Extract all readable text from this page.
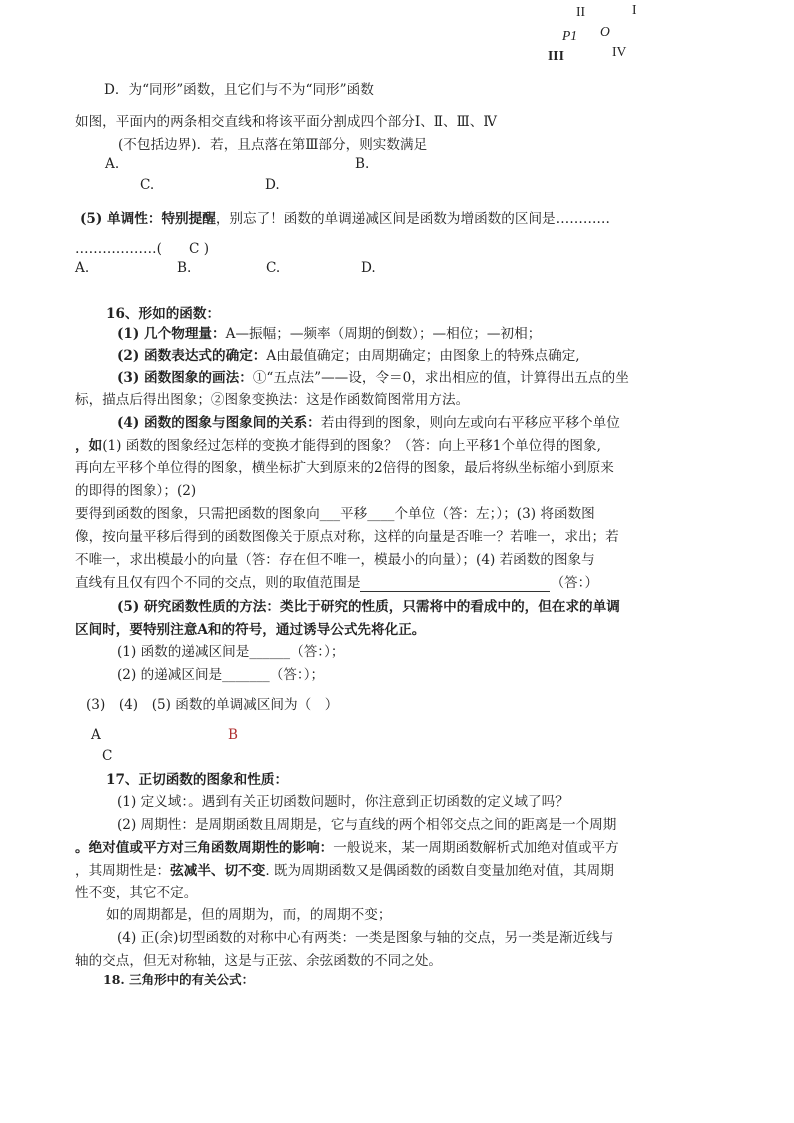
II	I
P1 O
III	IV
D．为“同形”函数，且它们与不为“同形”函数
如图，平面内的两条相交直线和将该平面分割成四个部分Ⅰ、Ⅱ、Ⅲ、Ⅳ
(不包括边界)．若，且点落在第Ⅲ部分，则实数满足
A.	B.
C.	D.
(5) 单调性：特别提醒，别忘了！函数的单调递减区间是函数为增函数的区间是…………
………………(　　C )
A.	B.	C.	D.
16、形如的函数：
(1) 几个物理量：A—振幅；—频率（周期的倒数）；—相位；—初相；
(2) 函数表达式的确定：A由最值确定；由周期确定；由图象上的特殊点确定,
(3) 函数图象的画法：①“五点法”——设，令＝0，求出相应的值，计算得出五点的坐
标，描点后得出图象；②图象变换法：这是作函数简图常用方法。
(4) 函数的图象与图象间的关系：若由得到的图象，则向左或向右平移应平移个单位
，如(1) 函数的图象经过怎样的变换才能得到的图象？（答：向上平移1个单位得的图象,
再向左平移个单位得的图象，横坐标扩大到原来的2倍得的图象，最后将纵坐标缩小到原来
的即得的图象）；(2)
要得到函数的图象，只需把函数的图象向___平移____个单位（答：左；）；(3) 将函数图
像，按向量平移后得到的函数图像关于原点对称，这样的向量是否唯一？若唯一，求出；若
不唯一，求出模最小的向量（答：存在但不唯一，模最小的向量）；(4) 若函数的图象与
直线有且仅有四个不同的交点，则的取值范围是	（答：）
(5) 研究函数性质的方法：类比于研究的性质，只需将中的看成中的，但在求的单调
区间时，要特别注意A和的符号，通过诱导公式先将化正。
(1) 函数的递减区间是______（答：）；
(2) 的递减区间是_______（答：）；
(3)　(4)　(5) 函数的单调减区间为（　）
A	B
C
17、正切函数的图象和性质：
(1) 定义域：。遇到有关正切函数问题时，你注意到正切函数的定义域了吗？
(2) 周期性：是周期函数且周期是，它与直线的两个相邻交点之间的距离是一个周期
。绝对值或平方对三角函数周期性的影响：一般说来，某一周期函数解析式加绝对值或平方
，其周期性是：弦减半、切不变. 既为周期函数又是偶函数的函数自变量加绝对值，其周期
性不变，其它不定。
如的周期都是，但的周期为，而，的周期不变；
(4) 正(余)切型函数的对称中心有两类：一类是图象与轴的交点，另一类是渐近线与
轴的交点，但无对称轴，这是与正弦、余弦函数的不同之处。
18. 三角形中的有关公式：
